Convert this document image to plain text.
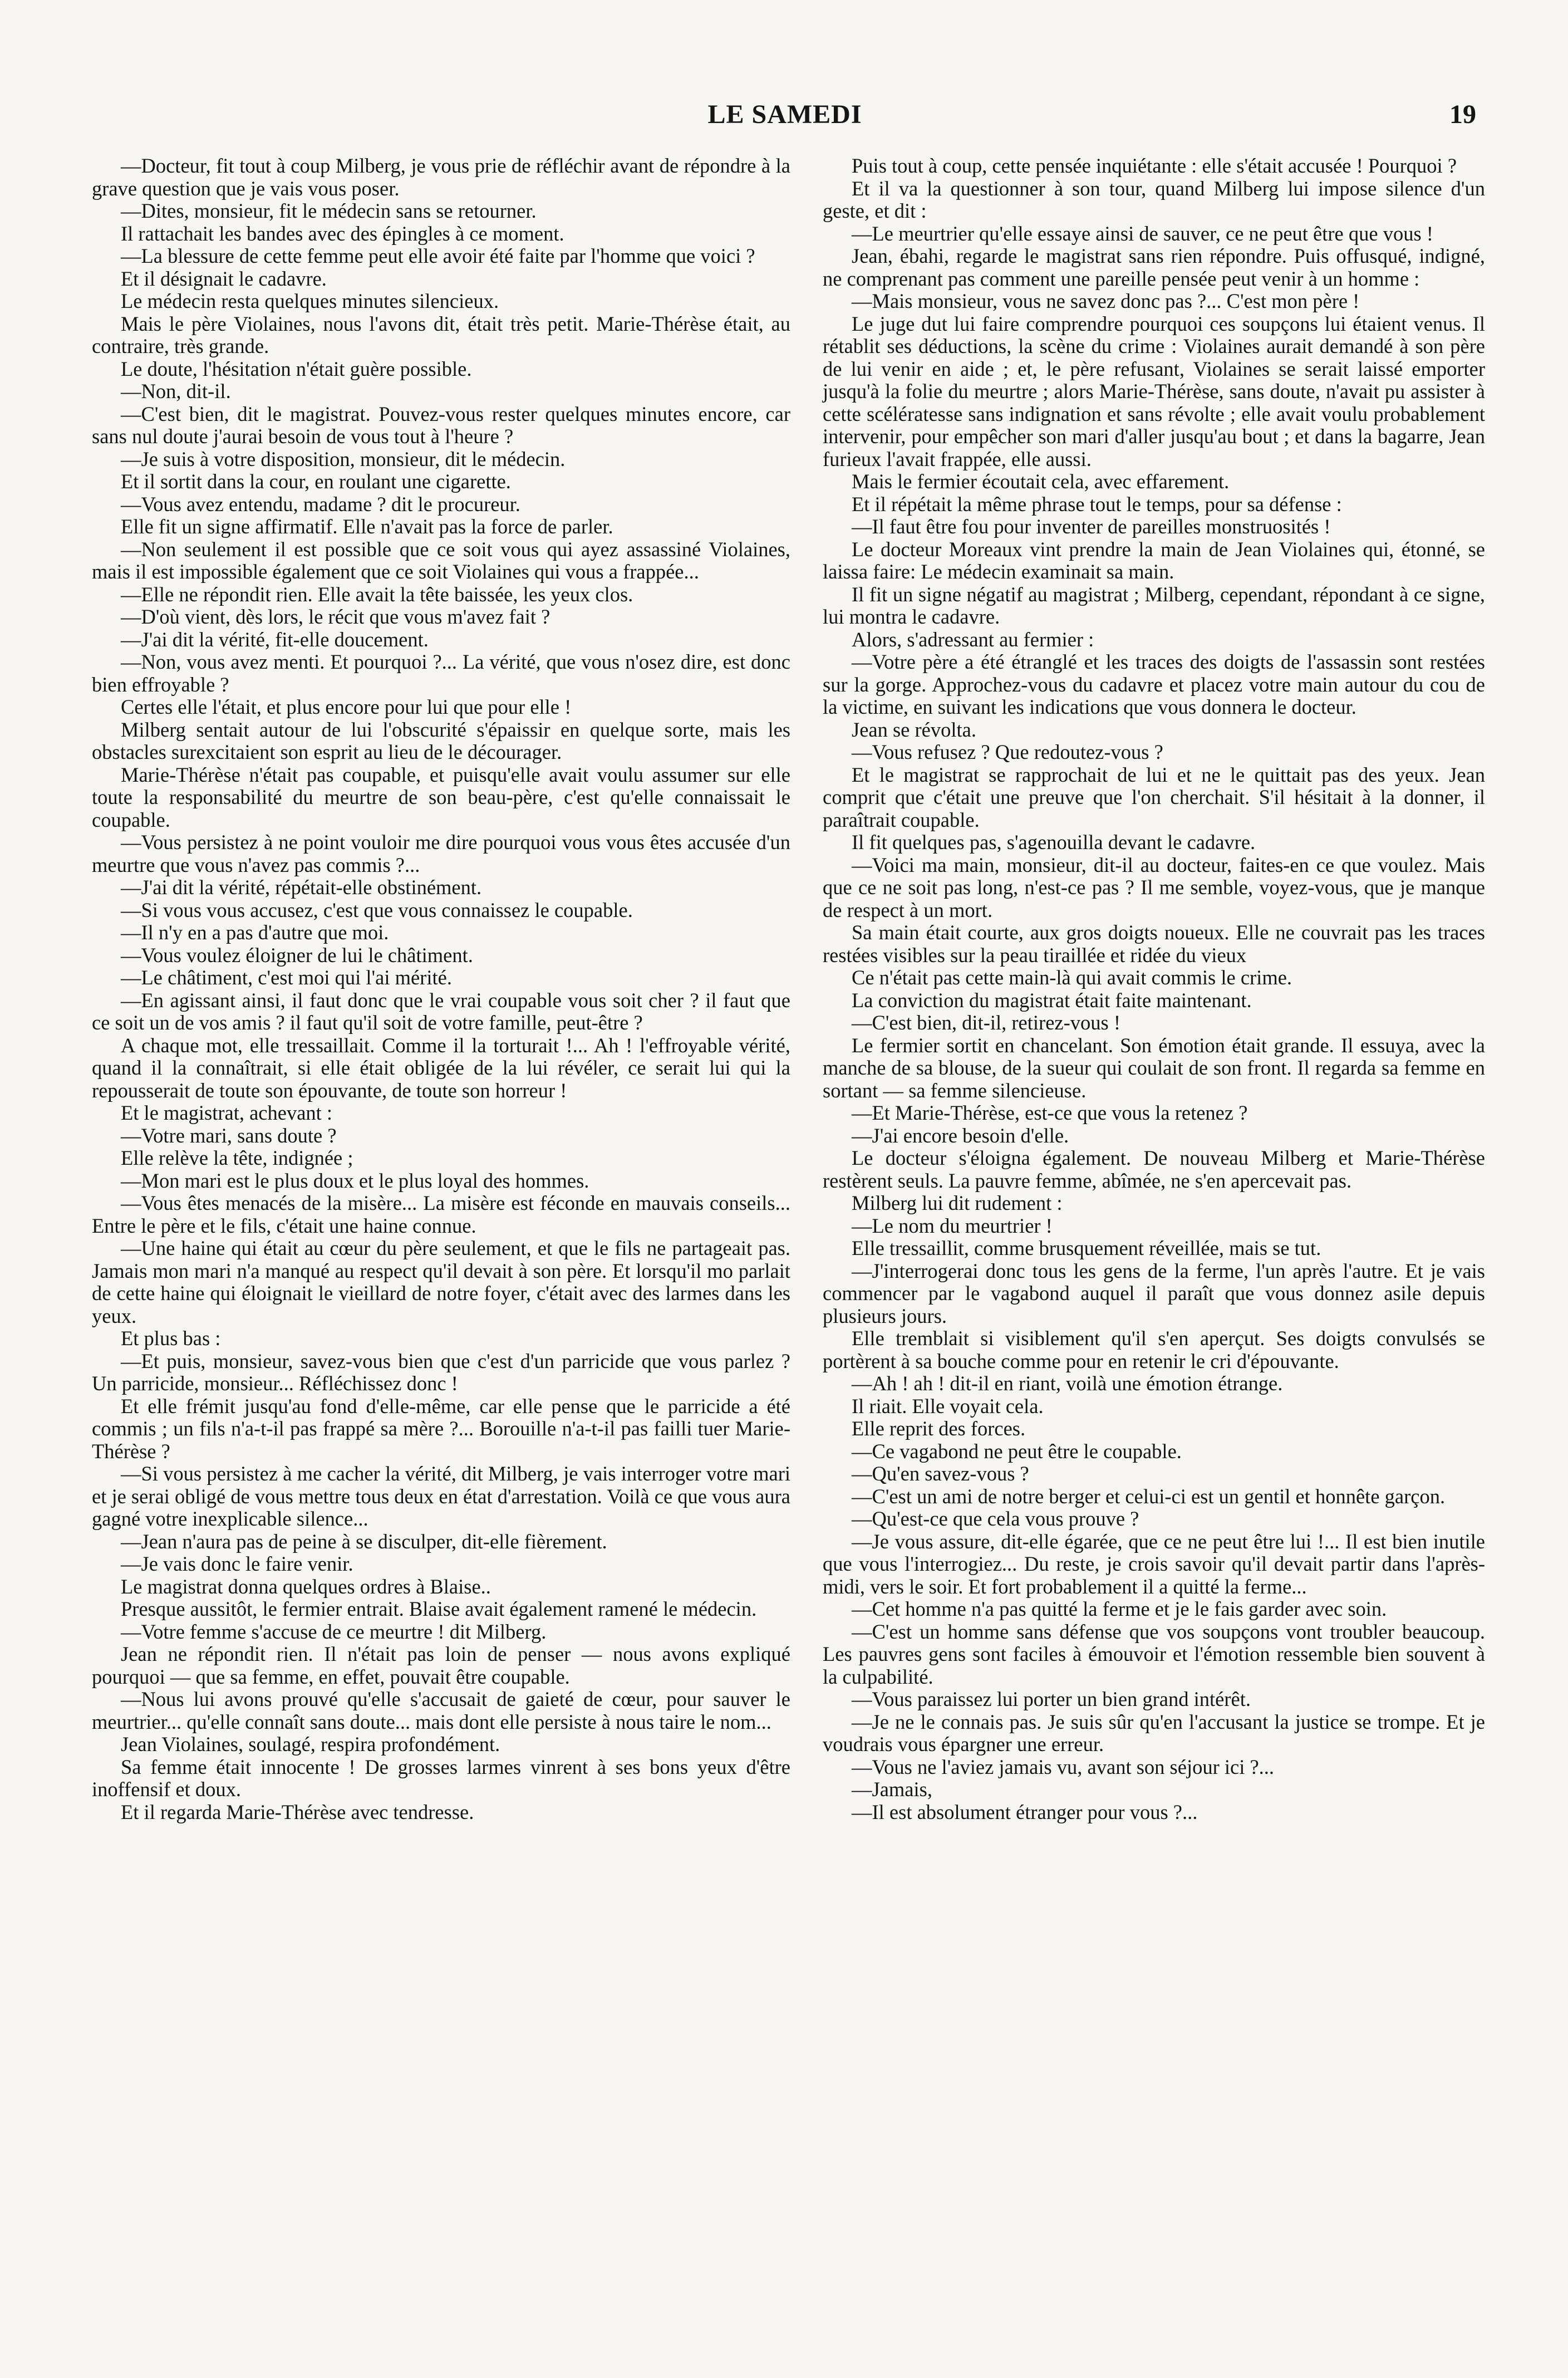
LE SAMEDI	19

—Docteur, fit tout à coup Milberg, je vous prie de réfléchir avant de répondre à la grave question que je vais vous poser.

—Dites, monsieur, fit le médecin sans se retourner.

Il rattachait les bandes avec des épingles à ce moment.

—La blessure de cette femme peut elle avoir été faite par l'homme que voici ?

Et il désignait le cadavre.

Le médecin resta quelques minutes silencieux.

Mais le père Violaines, nous l'avons dit, était très petit. Marie-Thérèse était, au contraire, très grande.

Le doute, l'hésitation n'était guère possible.

—Non, dit-il.

—C'est bien, dit le magistrat. Pouvez-vous rester quelques minutes encore, car sans nul doute j'aurai besoin de vous tout à l'heure ?

—Je suis à votre disposition, monsieur, dit le médecin.

Et il sortit dans la cour, en roulant une cigarette.

—Vous avez entendu, madame ? dit le procureur.

Elle fit un signe affirmatif. Elle n'avait pas la force de parler.

—Non seulement il est possible que ce soit vous qui ayez assassiné Violaines, mais il est impossible également que ce soit Violaines qui vous a frappée...

—Elle ne répondit rien. Elle avait la tête baissée, les yeux clos.

—D'où vient, dès lors, le récit que vous m'avez fait ?

—J'ai dit la vérité, fit-elle doucement.

—Non, vous avez menti. Et pourquoi ?... La vérité, que vous n'osez dire, est donc bien effroyable ?

Certes elle l'était, et plus encore pour lui que pour elle !

Milberg sentait autour de lui l'obscurité s'épaissir en quelque sorte, mais les obstacles surexcitaient son esprit au lieu de le décourager.

Marie-Thérèse n'était pas coupable, et puisqu'elle avait voulu assumer sur elle toute la responsabilité du meurtre de son beau-père, c'est qu'elle connaissait le coupable.

—Vous persistez à ne point vouloir me dire pourquoi vous vous êtes accusée d'un meurtre que vous n'avez pas commis ?...

—J'ai dit la vérité, répétait-elle obstinément.

—Si vous vous accusez, c'est que vous connaissez le coupable.

—Il n'y en a pas d'autre que moi.

—Vous voulez éloigner de lui le châtiment.

—Le châtiment, c'est moi qui l'ai mérité.

—En agissant ainsi, il faut donc que le vrai coupable vous soit cher ? il faut que ce soit un de vos amis ? il faut qu'il soit de votre famille, peut-être ?

A chaque mot, elle tressaillait. Comme il la torturait !... Ah ! l'effroyable vérité, quand il la connaîtrait, si elle était obligée de la lui révéler, ce serait lui qui la repousserait de toute son épouvante, de toute son horreur !

Et le magistrat, achevant :

—Votre mari, sans doute ?

Elle relève la tête, indignée ;

—Mon mari est le plus doux et le plus loyal des hommes.

—Vous êtes menacés de la misère... La misère est féconde en mauvais conseils... Entre le père et le fils, c'était une haine connue.

—Une haine qui était au cœur du père seulement, et que le fils ne partageait pas. Jamais mon mari n'a manqué au respect qu'il devait à son père. Et lorsqu'il mo parlait de cette haine qui éloignait le vieillard de notre foyer, c'était avec des larmes dans les yeux.

Et plus bas :

—Et puis, monsieur, savez-vous bien que c'est d'un parricide que vous parlez ? Un parricide, monsieur... Réfléchissez donc !

Et elle frémit jusqu'au fond d'elle-même, car elle pense que le parricide a été commis ; un fils n'a-t-il pas frappé sa mère ?... Borouille n'a-t-il pas failli tuer Marie-Thérèse ?

—Si vous persistez à me cacher la vérité, dit Milberg, je vais interroger votre mari et je serai obligé de vous mettre tous deux en état d'arrestation. Voilà ce que vous aura gagné votre inexplicable silence...

—Jean n'aura pas de peine à se disculper, dit-elle fièrement.

—Je vais donc le faire venir.

Le magistrat donna quelques ordres à Blaise..

Presque aussitôt, le fermier entrait. Blaise avait également ramené le médecin.

—Votre femme s'accuse de ce meurtre ! dit Milberg.

Jean ne répondit rien. Il n'était pas loin de penser — nous avons expliqué pourquoi — que sa femme, en effet, pouvait être coupable.

—Nous lui avons prouvé qu'elle s'accusait de gaieté de cœur, pour sauver le meurtrier... qu'elle connaît sans doute... mais dont elle persiste à nous taire le nom...

Jean Violaines, soulagé, respira profondément.

Sa femme était innocente ! De grosses larmes vinrent à ses bons yeux d'être inoffensif et doux.

Et il regarda Marie-Thérèse avec tendresse.

Puis tout à coup, cette pensée inquiétante : elle s'était accusée ! Pourquoi ?

Et il va la questionner à son tour, quand Milberg lui impose silence d'un geste, et dit :

—Le meurtrier qu'elle essaye ainsi de sauver, ce ne peut être que vous !

Jean, ébahi, regarde le magistrat sans rien répondre. Puis offusqué, indigné, ne comprenant pas comment une pareille pensée peut venir à un homme :

—Mais monsieur, vous ne savez donc pas ?... C'est mon père !

Le juge dut lui faire comprendre pourquoi ces soupçons lui étaient venus. Il rétablit ses déductions, la scène du crime : Violaines aurait demandé à son père de lui venir en aide ; et, le père refusant, Violaines se serait laissé emporter jusqu'à la folie du meurtre ; alors Marie-Thérèse, sans doute, n'avait pu assister à cette scélératesse sans indignation et sans révolte ; elle avait voulu probablement intervenir, pour empêcher son mari d'aller jusqu'au bout ; et dans la bagarre, Jean furieux l'avait frappée, elle aussi.

Mais le fermier écoutait cela, avec effarement.

Et il répétait la même phrase tout le temps, pour sa défense :

—Il faut être fou pour inventer de pareilles monstruosités !

Le docteur Moreaux vint prendre la main de Jean Violaines qui, étonné, se laissa faire: Le médecin examinait sa main.

Il fit un signe négatif au magistrat ; Milberg, cependant, répondant à ce signe, lui montra le cadavre.

Alors, s'adressant au fermier :

—Votre père a été étranglé et les traces des doigts de l'assassin sont restées sur la gorge. Approchez-vous du cadavre et placez votre main autour du cou de la victime, en suivant les indications que vous donnera le docteur.

Jean se révolta.

—Vous refusez ? Que redoutez-vous ?

Et le magistrat se rapprochait de lui et ne le quittait pas des yeux. Jean comprit que c'était une preuve que l'on cherchait. S'il hésitait à la donner, il paraîtrait coupable.

Il fit quelques pas, s'agenouilla devant le cadavre.

—Voici ma main, monsieur, dit-il au docteur, faites-en ce que voulez. Mais que ce ne soit pas long, n'est-ce pas ? Il me semble, voyez-vous, que je manque de respect à un mort.

Sa main était courte, aux gros doigts noueux. Elle ne couvrait pas les traces restées visibles sur la peau tiraillée et ridée du vieux

Ce n'était pas cette main-là qui avait commis le crime.

La conviction du magistrat était faite maintenant.

—C'est bien, dit-il, retirez-vous !

Le fermier sortit en chancelant. Son émotion était grande. Il essuya, avec la manche de sa blouse, de la sueur qui coulait de son front. Il regarda sa femme en sortant — sa femme silencieuse.

—Et Marie-Thérèse, est-ce que vous la retenez ?

—J'ai encore besoin d'elle.

Le docteur s'éloigna également. De nouveau Milberg et Marie-Thérèse restèrent seuls. La pauvre femme, abîmée, ne s'en apercevait pas.

Milberg lui dit rudement :

—Le nom du meurtrier !

Elle tressaillit, comme brusquement réveillée, mais se tut.

—J'interrogerai donc tous les gens de la ferme, l'un après l'autre. Et je vais commencer par le vagabond auquel il paraît que vous donnez asile depuis plusieurs jours.

Elle tremblait si visiblement qu'il s'en aperçut. Ses doigts convulsés se portèrent à sa bouche comme pour en retenir le cri d'épouvante.

—Ah ! ah ! dit-il en riant, voilà une émotion étrange.

Il riait. Elle voyait cela.

Elle reprit des forces.

—Ce vagabond ne peut être le coupable.

—Qu'en savez-vous ?

—C'est un ami de notre berger et celui-ci est un gentil et honnête garçon.

—Qu'est-ce que cela vous prouve ?

—Je vous assure, dit-elle égarée, que ce ne peut être lui !... Il est bien inutile que vous l'interrogiez... Du reste, je crois savoir qu'il devait partir dans l'après-midi, vers le soir. Et fort probablement il a quitté la ferme...

—Cet homme n'a pas quitté la ferme et je le fais garder avec soin.

—C'est un homme sans défense que vos soupçons vont troubler beaucoup. Les pauvres gens sont faciles à émouvoir et l'émotion ressemble bien souvent à la culpabilité.

—Vous paraissez lui porter un bien grand intérêt.

—Je ne le connais pas. Je suis sûr qu'en l'accusant la justice se trompe. Et je voudrais vous épargner une erreur.

—Vous ne l'aviez jamais vu, avant son séjour ici ?...

—Jamais,

—Il est absolument étranger pour vous ?...
